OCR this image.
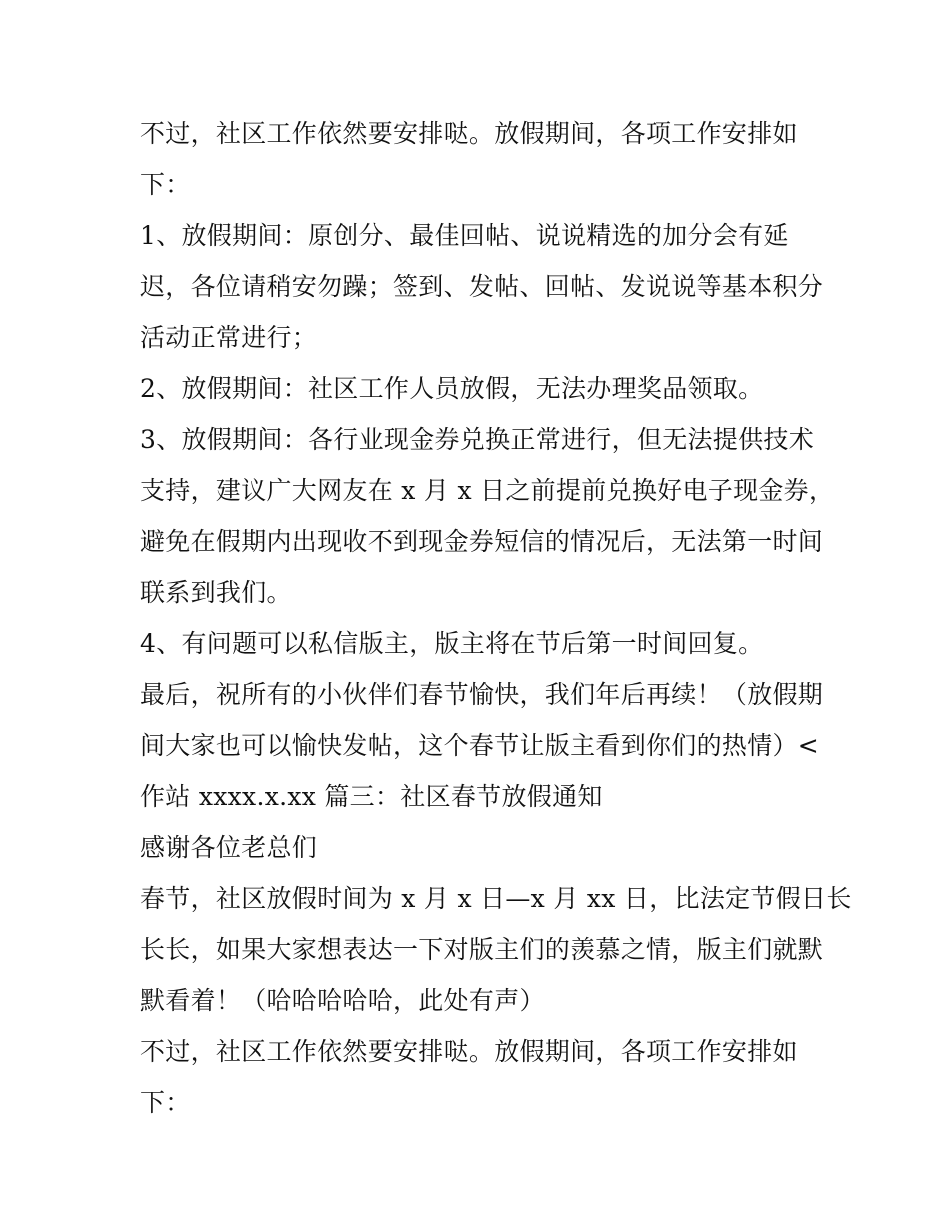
不过，社区工作依然要安排哒。放假期间，各项工作安排如
下：
1、放假期间：原创分、最佳回帖、说说精选的加分会有延
迟，各位请稍安勿躁；签到、发帖、回帖、发说说等基本积分
活动正常进行；
2、放假期间：社区工作人员放假，无法办理奖品领取。
3、放假期间：各行业现金券兑换正常进行，但无法提供技术
支持，建议广大网友在 x 月 x 日之前提前兑换好电子现金券，
避免在假期内出现收不到现金券短信的情况后，无法第一时间
联系到我们。
4、有问题可以私信版主，版主将在节后第一时间回复。
最后，祝所有的小伙伴们春节愉快，我们年后再续！（放假期
间大家也可以愉快发帖，这个春节让版主看到你们的热情）<
作站 xxxx.x.xx 篇三：社区春节放假通知
感谢各位老总们
春节，社区放假时间为 x 月 x 日—x 月 xx 日，比法定节假日长
长长，如果大家想表达一下对版主们的羡慕之情，版主们就默
默看着！（哈哈哈哈哈，此处有声）
不过，社区工作依然要安排哒。放假期间，各项工作安排如
下：
